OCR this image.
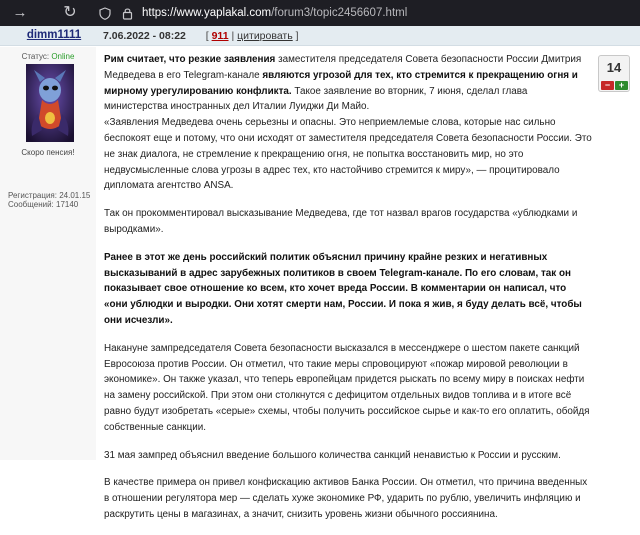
→ ↻	https://www.yaplakal.com/forum3/topic2456607.html
dimm1111	7.06.2022 - 08:22 [ 911 | цитировать ]
Статус: Online
Скоро пенсия!
Регистрация: 24.01.15
Сообщений: 17140
14
− +

Рим считает, что резкие заявления заместителя председателя Совета безопасности России Дмитрия Медведева в его Telegram-канале являются угрозой для тех, кто стремится к прекращению огня и мирному урегулированию конфликта. Такое заявление во вторник, 7 июня, сделал глава министерства иностранных дел Италии Луиджи Ди Майо.

«Заявления Медведева очень серьезны и опасны. Это неприемлемые слова, которые нас сильно беспокоят еще и потому, что они исходят от заместителя председателя Совета безопасности России. Это не знак диалога, не стремление к прекращению огня, не попытка восстановить мир, но это недвусмысленные слова угрозы в адрес тех, кто настойчиво стремится к миру», — процитировало дипломата агентство ANSA.

Так он прокомментировал высказывание Медведева, где тот назвал врагов государства «ублюдками и выродками».

Ранее в этот же день российский политик объяснил причину крайне резких и негативных высказываний в адрес зарубежных политиков в своем Telegram-канале. По его словам, так он показывает свое отношение ко всем, кто хочет вреда России. В комментарии он написал, что «они ублюдки и выродки. Они хотят смерти нам, России. И пока я жив, я буду делать всё, чтобы они исчезли».

Накануне зампредседателя Совета безопасности высказался в мессенджере о шестом пакете санкций Евросоюза против России. Он отметил, что такие меры спровоцируют «пожар мировой революции в экономике». Он также указал, что теперь европейцам придется рыскать по всему миру в поисках нефти на замену российской. При этом они столкнутся с дефицитом отдельных видов топлива и в итоге всё равно будут изобретать «серые» схемы, чтобы получить российское сырье и как-то его оплатить, обойдя собственные санкции.

31 мая зампред объяснил введение большого количества санкций ненавистью к России и русским.

В качестве примера он привел конфискацию активов Банка России. Он отметил, что причина введенных в отношении регулятора мер — сделать хуже экономике РФ, ударить по рублю, увеличить инфляцию и раскрутить цены в магазинах, а значит, снизить уровень жизни обычного россиянина.
